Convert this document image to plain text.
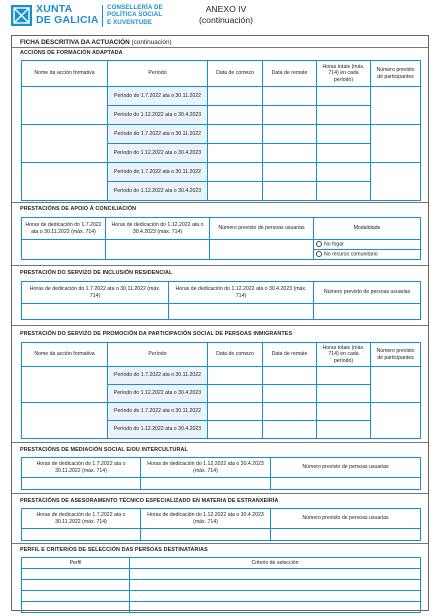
XUNTA
DE GALICIA
CONSELLERÍA DE
POLÍTICA SOCIAL
E XUVENTUDE
ANEXO IV
(continuación)
FICHA DESCRITIVA DA ACTUACIÓN (continuación)
ACCIÓNS DE FORMACIÓN ADAPTADA
Nome da acción formativa	Período	Data de comezo	Data de remate	Horas totais (máx. 714) en cada período)	Número previsto de participantes
	Período do 1.7.2022 ata o 30.11.2022				
	Período do 1.12.2022 ata o 30.4.2023				
	Período do 1.7.2022 ata o 30.11.2022				
	Período do 1.12.2022 ata o 30.4.2023				
	Período do 1.7.2022 ata o 30.11.2022				
	Período do 1.12.2022 ata o 30.4.2023				
PRESTACIÓNS DE APOIO Á CONCILIACIÓN
Horas de dedicación do 1.7.2022 ata o 30.11.2022 (máx. 714)	Horas de dedicación do 1.12.2022 ata o 30.4.2023 (máx. 714)	Número previsto de persoas usuarias	Modalidade
			No fogar
			No recurso comunitario
PRESTACIÓN DO SERVIZO DE INCLUSIÓN RESIDENCIAL
Horas de dedicación do 1.7.2022 ata o 30.11.2022 (máx. 714)	Horas de dedicación do 1.12.2022 ata o 30.4.2023 (máx. 714)	Número previsto de persoas usuarias

PRESTACIÓN DO SERVIZO DE PROMOCIÓN DA PARTICIPACIÓN SOCIAL DE PERSOAS INMIGRANTES
Nome da acción formativa	Período	Data de comezo	Data de remate	Horas totais (máx. 714) en cada período)	Número previsto de participantes
	Período do 1.7.2022 ata o 30.11.2022				
	Período do 1.12.2022 ata o 30.4.2023				
	Período do 1.7.2022 ata o 30.11.2022				
	Período do 1.12.2022 ata o 30.4.2023				
PRESTACIÓNS DE MEDIACIÓN SOCIAL E/OU INTERCULTURAL
Horas de dedicación do 1.7.2022 ata o 30.11.2022 (máx. 714)	Horas de dedicación do 1.12.2022 ata o 30.4.2023 (máx. 714)	Número previsto de persoas usuarias

PRESTACIÓNS DE ASESORAMENTO TÉCNICO ESPECIALIZADO EN MATERIA DE ESTRANXEIRÍA
Horas de dedicación do 1.7.2022 ata o 30.11.2022 (máx. 714)	Horas de dedicación do 1.12.2022 ata o 30.4.2023 (máx. 714)	Número previsto de persoas usuarias

PERFIL E CRITERIOS DE SELECCIÓN DAS PERSOAS DESTINATARIAS
Perfil	Criterio de selección
